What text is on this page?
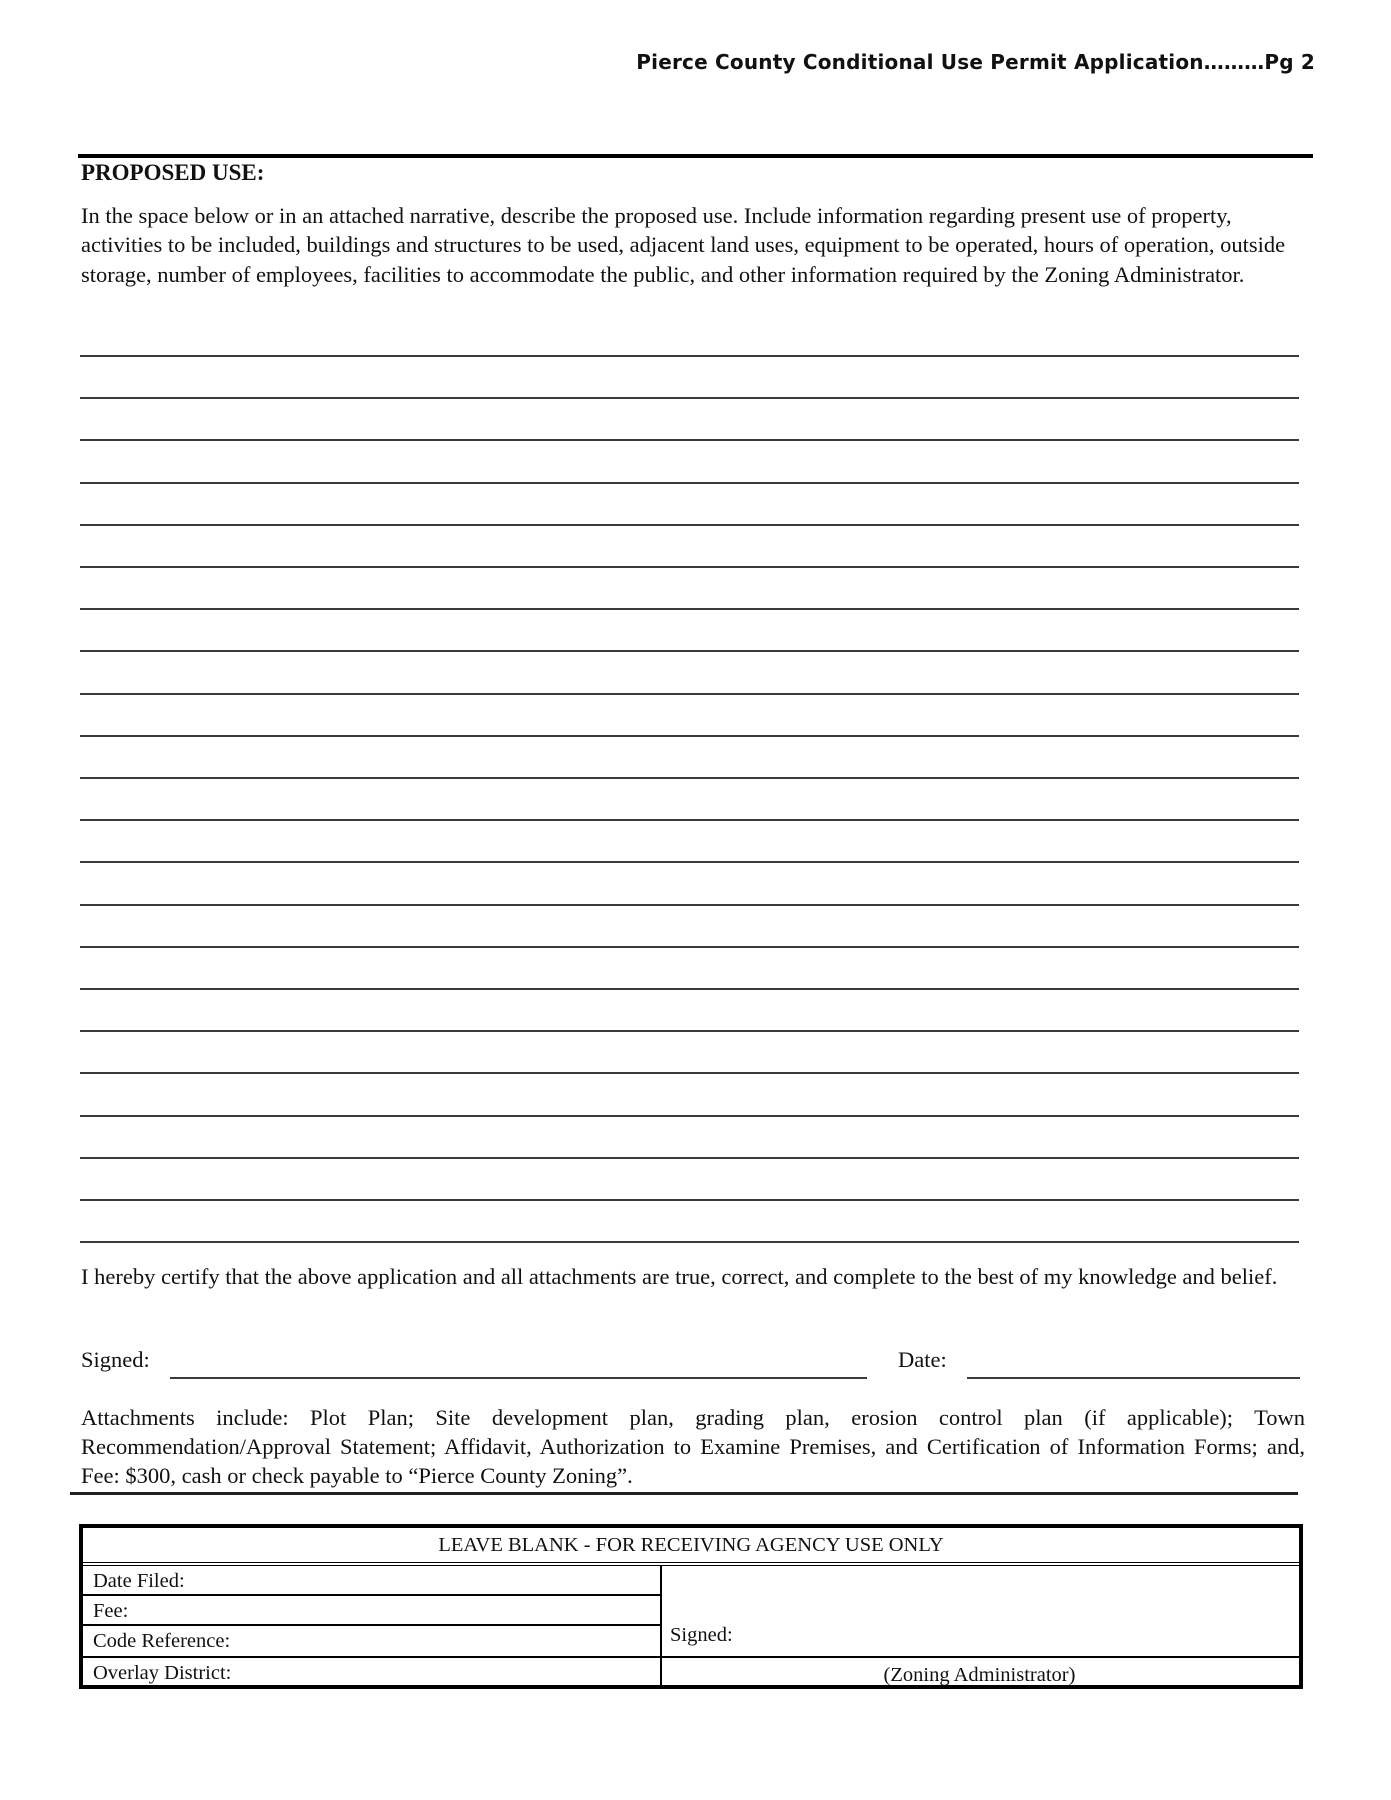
Pierce County Conditional Use Permit Application………Pg 2
PROPOSED USE:
In the space below or in an attached narrative, describe the proposed use. Include information regarding present use of property, activities to be included, buildings and structures to be used, adjacent land uses, equipment to be operated, hours of operation, outside storage, number of employees, facilities to accommodate the public, and other information required by the Zoning Administrator.
I hereby certify that the above application and all attachments are true, correct, and complete to the best of my knowledge and belief.
Signed:	Date:
Attachments include: Plot Plan; Site development plan, grading plan, erosion control plan (if applicable); Town Recommendation/Approval Statement; Affidavit, Authorization to Examine Premises, and Certification of Information Forms; and, Fee: $300, cash or check payable to “Pierce County Zoning”.
LEAVE BLANK - FOR RECEIVING AGENCY USE ONLY
Date Filed:
Fee:
Code Reference:
Overlay District:
Signed:
(Zoning Administrator)
